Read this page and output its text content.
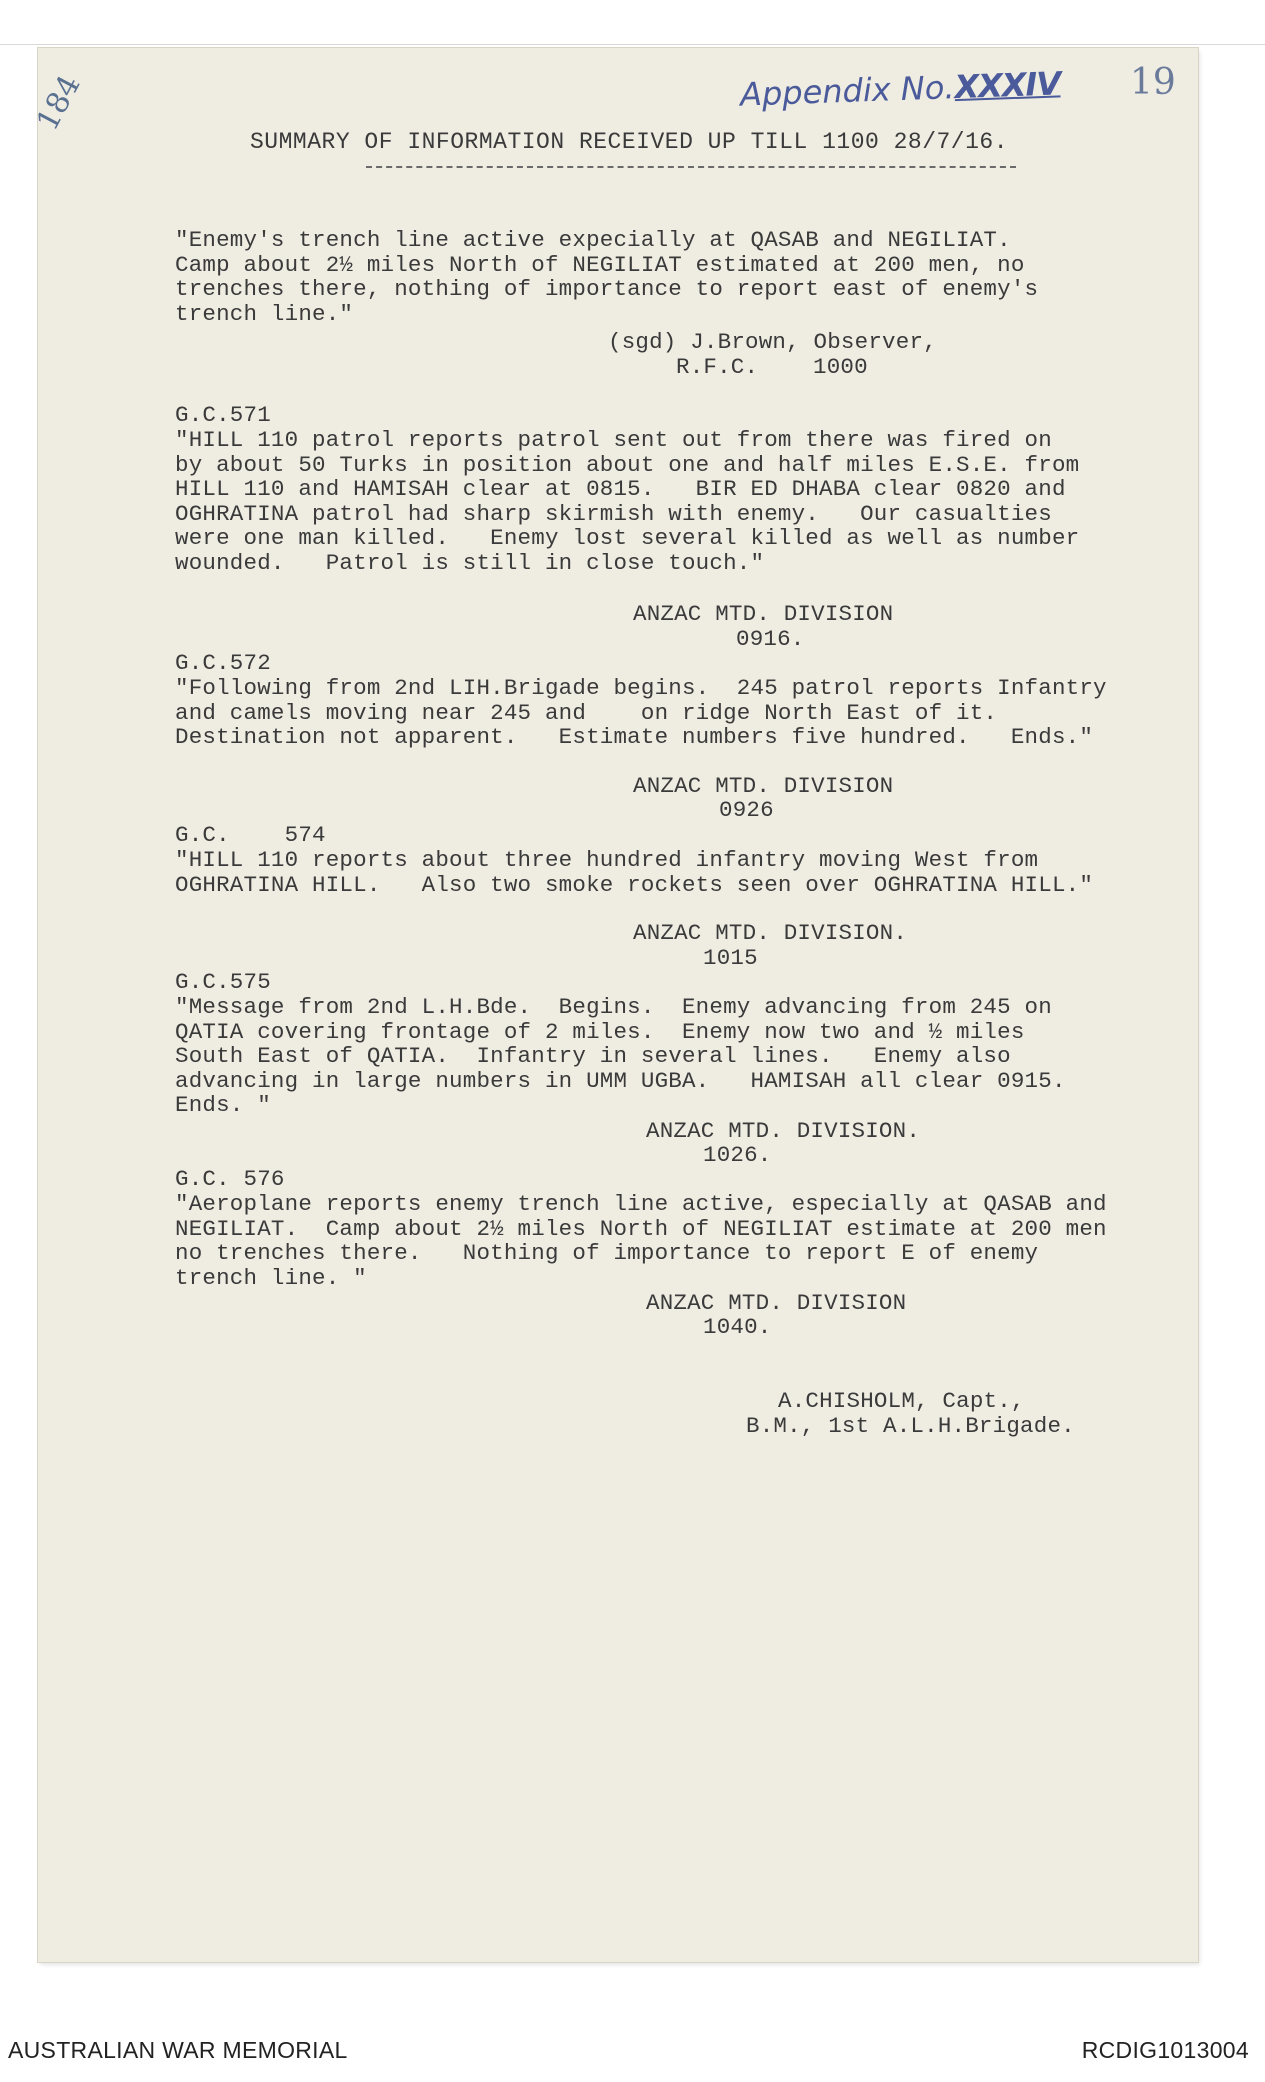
Appendix No.XXXIV 19
184
SUMMARY OF INFORMATION RECEIVED UP TILL 1100 28/7/16.
"Enemy's trench line active expecially at QASAB and NEGILIAT.
Camp about 2½ miles North of NEGILIAT estimated at 200 men, no
trenches there, nothing of importance to report east of enemy's
trench line."
(sgd) J.Brown, Observer,
R.F.C.    1000
G.C.571
"HILL 110 patrol reports patrol sent out from there was fired on
by about 50 Turks in position about one and half miles E.S.E. from
HILL 110 and HAMISAH clear at 0815.   BIR ED DHABA clear 0820 and
OGHRATINA patrol had sharp skirmish with enemy.   Our casualties
were one man killed.   Enemy lost several killed as well as number
wounded.   Patrol is still in close touch."
ANZAC MTD. DIVISION
0916.
G.C.572
"Following from 2nd LIH.Brigade begins.  245 patrol reports Infantry
and camels moving near 245 and    on ridge North East of it.
Destination not apparent.   Estimate numbers five hundred.   Ends."
ANZAC MTD. DIVISION
0926
G.C.    574
"HILL 110 reports about three hundred infantry moving West from
OGHRATINA HILL.   Also two smoke rockets seen over OGHRATINA HILL."
ANZAC MTD. DIVISION.
1015
G.C.575
"Message from 2nd L.H.Bde.  Begins.  Enemy advancing from 245 on
QATIA covering frontage of 2 miles.  Enemy now two and ½ miles
South East of QATIA.  Infantry in several lines.   Enemy also
advancing in large numbers in UMM UGBA.   HAMISAH all clear 0915.
Ends. "
ANZAC MTD. DIVISION.
1026.
G.C. 576
"Aeroplane reports enemy trench line active, especially at QASAB and
NEGILIAT.  Camp about 2½ miles North of NEGILIAT estimate at 200 men
no trenches there.   Nothing of importance to report E of enemy
trench line. "
ANZAC MTD. DIVISION
1040.
A.CHISHOLM, Capt.,
B.M., 1st A.L.H.Brigade.
AUSTRALIAN WAR MEMORIAL	RCDIG1013004
